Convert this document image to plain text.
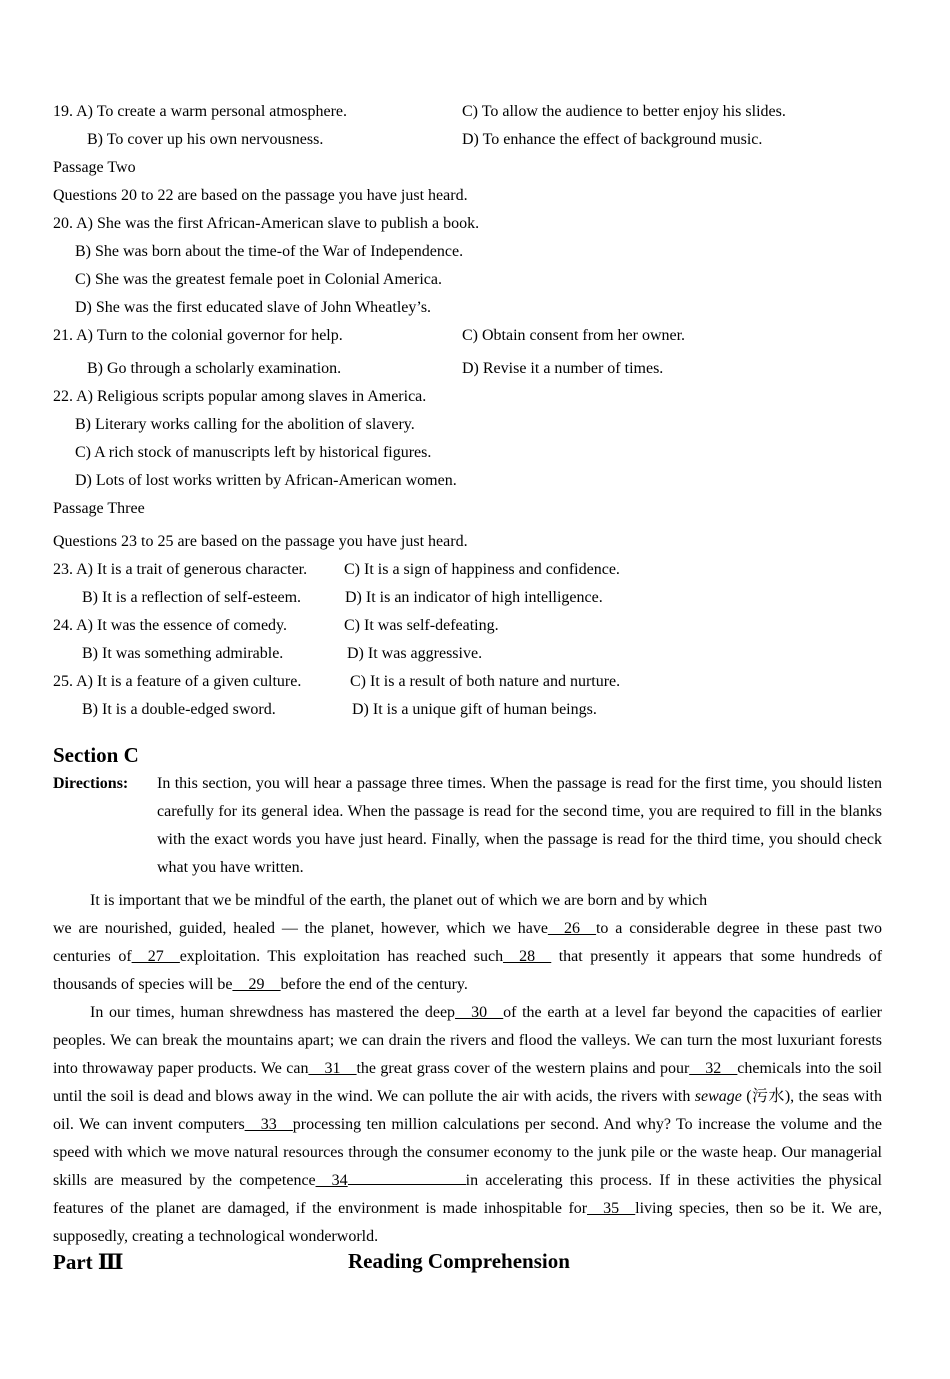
19. A) To create a warm personal atmosphere.	C) To allow the audience to better enjoy his slides.
B) To cover up his own nervousness.	D) To enhance the effect of background music.
Passage Two
Questions 20 to 22 are based on the passage you have just heard.
20. A) She was the first African-American slave to publish a book.
B) She was born about the time-of the War of Independence.
C) She was the greatest female poet in Colonial America.
D) She was the first educated slave of John Wheatley’s.
21. A) Turn to the colonial governor for help.	C) Obtain consent from her owner.
B) Go through a scholarly examination.	D) Revise it a number of times.
22. A) Religious scripts popular among slaves in America.
B) Literary works calling for the abolition of slavery.
C) A rich stock of manuscripts left by historical figures.
D) Lots of lost works written by African-American women.
Passage Three
Questions 23 to 25 are based on the passage you have just heard.
23. A) It is a trait of generous character. C) It is a sign of happiness and confidence.
B) It is a reflection of self-esteem.	D) It is an indicator of high intelligence.
24. A) It was the essence of comedy.	C) It was self-defeating.
B) It was something admirable.	D) It was aggressive.
25. A) It is a feature of a given culture.	C) It is a result of both nature and nurture.
B) It is a double-edged sword.	D) It is a unique gift of human beings.
Section C
Directions: In this section, you will hear a passage three times. When the passage is read for the first time, you should listen carefully for its general idea. When the passage is read for the second time, you are required to fill in the blanks with the exact words you have just heard. Finally, when the passage is read for the third time, you should check what you have written.
It is important that we be mindful of the earth, the planet out of which we are born and by which

we are nourished, guided, healed — the planet, however, which we have__26__to a considerable degree in these past two centuries of__27__exploitation. This exploitation has reached such__28__ that presently it appears that some hundreds of thousands of species will be__29__before the end of the century.

In our times, human shrewdness has mastered the deep__30__of the earth at a level far beyond the capacities of earlier peoples. We can break the mountains apart; we can drain the rivers and flood the valleys. We can turn the most luxuriant forests into throwaway paper products. We can__31__the great grass cover of the western plains and pour__32__chemicals into the soil until the soil is dead and blows away in the wind. We can pollute the air with acids, the rivers with sewage (污水), the seas with oil. We can invent computers__33__processing ten million calculations per second. And why? To increase the volume and the speed with which we move natural resources through the consumer economy to the junk pile or the waste heap. Our managerial skills are measured by the competence__34	in accelerating this process. If in these activities the physical features of the planet are damaged, if the environment is made inhospitable for__35__living species, then so be it. We are, supposedly, creating a technological wonderworld.

Part Ⅲ	Reading Comprehension
